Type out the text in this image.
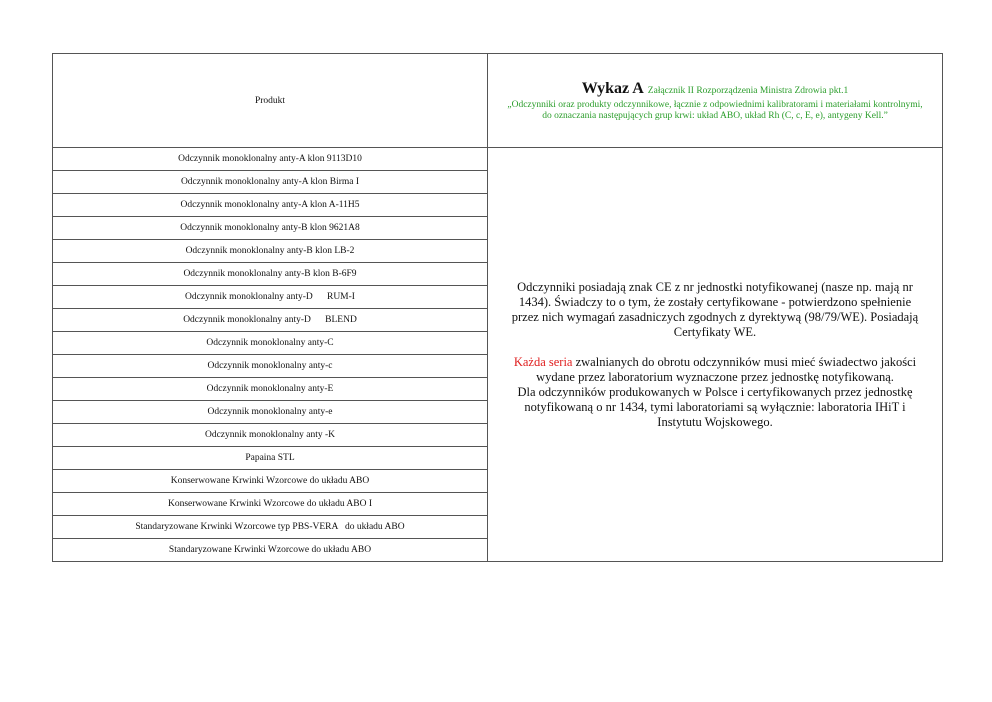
Produkt	Wykaz A Załącznik II Rozporządzenia Ministra Zdrowia pkt.1
„Odczynniki oraz produkty odczynnikowe, łącznie z odpowiednimi kalibratorami i materiałami kontrolnymi, do oznaczania następujących grup krwi: układ ABO, układ Rh (C, c, E, e), antygeny Kell.”

Odczynnik monoklonalny anty-A klon 9113D10	Odczynniki posiadają znak CE z nr jednostki notyfikowanej (nasze np. mają nr 1434). Świadczy to o tym, że zostały certyfikowane - potwierdzono spełnienie przez nich wymagań zasadniczych zgodnych z dyrektywą (98/79/WE). Posiadają Certyfikaty WE.

Każda seria zwalnianych do obrotu odczynników musi mieć świadectwo jakości wydane przez laboratorium wyznaczone przez jednostkę notyfikowaną.

Dla odczynników produkowanych w Polsce i certyfikowanych przez jednostkę notyfikowaną o nr 1434, tymi laboratoriami są wyłącznie: laboratoria IHiT i Instytutu Wojskowego.

Odczynnik monoklonalny anty-A klon Birma I	
Odczynnik monoklonalny anty-A klon A-11H5	
Odczynnik monoklonalny anty-B klon 9621A8	
Odczynnik monoklonalny anty-B klon LB-2	
Odczynnik monoklonalny anty-B klon B-6F9	
Odczynnik monoklonalny anty-D      RUM-I	
Odczynnik monoklonalny anty-D      BLEND	
Odczynnik monoklonalny anty-C	
Odczynnik monoklonalny anty-c	
Odczynnik monoklonalny anty-E	
Odczynnik monoklonalny anty-e	
Odczynnik monoklonalny anty -K	
Papaina STL	
Konserwowane Krwinki Wzorcowe do układu ABO	
Konserwowane Krwinki Wzorcowe do układu ABO I	
Standaryzowane Krwinki Wzorcowe typ PBS-VERA   do układu ABO	
Standaryzowane Krwinki Wzorcowe do układu ABO	
